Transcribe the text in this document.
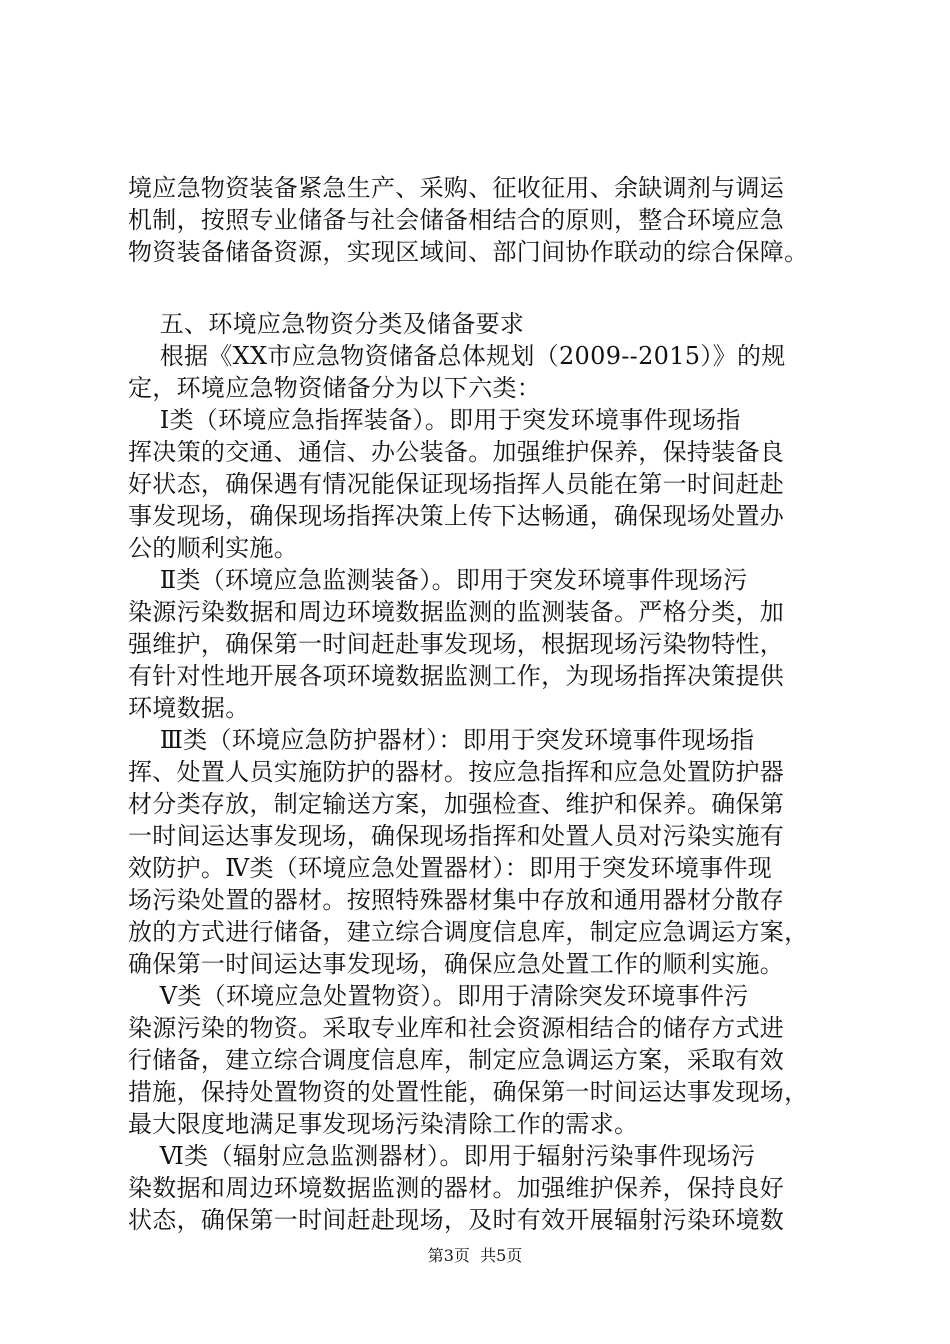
境应急物资装备紧急生产、采购、征收征用、余缺调剂与调运
机制，按照专业储备与社会储备相结合的原则，整合环境应急
物资装备储备资源，实现区域间、部门间协作联动的综合保障。
五、环境应急物资分类及储备要求
根据《XX市应急物资储备总体规划（2009--2015）》的规
定，环境应急物资储备分为以下六类：
Ⅰ类（环境应急指挥装备）。即用于突发环境事件现场指
挥决策的交通、通信、办公装备。加强维护保养，保持装备良
好状态，确保遇有情况能保证现场指挥人员能在第一时间赶赴
事发现场，确保现场指挥决策上传下达畅通，确保现场处置办
公的顺利实施。
Ⅱ类（环境应急监测装备）。即用于突发环境事件现场污
染源污染数据和周边环境数据监测的监测装备。严格分类，加
强维护，确保第一时间赶赴事发现场，根据现场污染物特性，
有针对性地开展各项环境数据监测工作，为现场指挥决策提供
环境数据。
Ⅲ类（环境应急防护器材）：即用于突发环境事件现场指
挥、处置人员实施防护的器材。按应急指挥和应急处置防护器
材分类存放，制定输送方案，加强检查、维护和保养。确保第
一时间运达事发现场，确保现场指挥和处置人员对污染实施有
效防护。Ⅳ类（环境应急处置器材）：即用于突发环境事件现
场污染处置的器材。按照特殊器材集中存放和通用器材分散存
放的方式进行储备，建立综合调度信息库，制定应急调运方案，
确保第一时间运达事发现场，确保应急处置工作的顺利实施。
Ⅴ类（环境应急处置物资）。即用于清除突发环境事件污
染源污染的物资。采取专业库和社会资源相结合的储存方式进
行储备，建立综合调度信息库，制定应急调运方案，采取有效
措施，保持处置物资的处置性能，确保第一时间运达事发现场，
最大限度地满足事发现场污染清除工作的需求。
Ⅵ类（辐射应急监测器材）。即用于辐射污染事件现场污
染数据和周边环境数据监测的器材。加强维护保养，保持良好
状态，确保第一时间赶赴现场，及时有效开展辐射污染环境数
第3页  共5页
